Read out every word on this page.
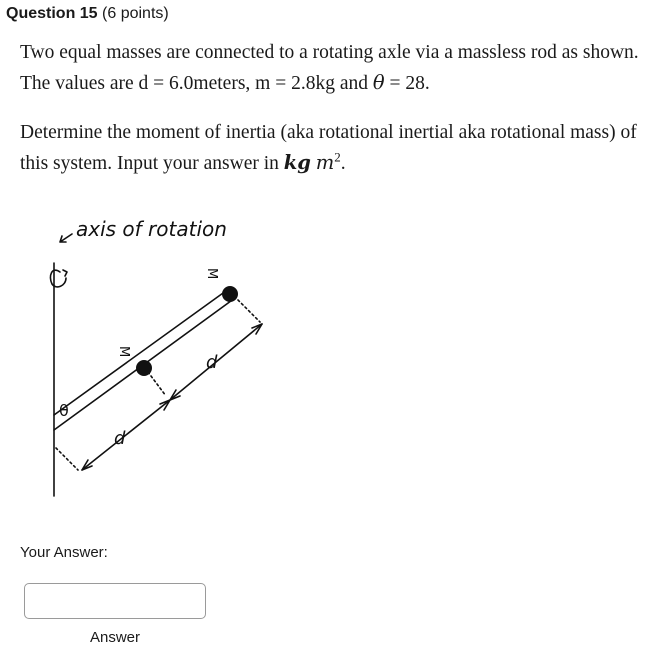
Question 15 (6 points)

Two equal masses are connected to a rotating axle via a massless rod as shown. The values are d = 6.0meters, m = 2.8kg and θ = 28.

Determine the moment of inertia (aka rotational inertial aka rotational mass) of this system. Input your answer in kg $m^2$.

axis of rotation
M
M
d
d
θ
Your Answer:
Answer
